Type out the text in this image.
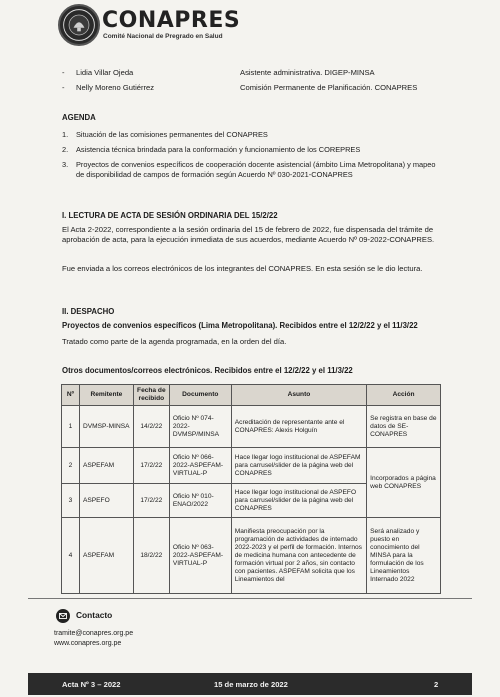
CONAPRES
Comité Nacional de Pregrado en Salud
- Lidia Villar Ojeda	Asistente administrativa. DIGEP-MINSA
- Nelly Moreno Gutiérrez	Comisión Permanente de Planificación. CONAPRES
AGENDA
1. Situación de las comisiones permanentes del CONAPRES
2. Asistencia técnica brindada para la conformación y funcionamiento de los COREPRES
3. Proyectos de convenios específicos de cooperación docente asistencial (ámbito Lima Metropolitana) y mapeo de disponibilidad de campos de formación según Acuerdo Nº 030-2021-CONAPRES
I. LECTURA DE ACTA DE SESIÓN ORDINARIA DEL 15/2/22
El Acta 2-2022, correspondiente a la sesión ordinaria del 15 de febrero de 2022, fue dispensada del trámite de aprobación de acta, para la ejecución inmediata de sus acuerdos, mediante Acuerdo Nº 09-2022-CONAPRES.
Fue enviada a los correos electrónicos de los integrantes del CONAPRES. En esta sesión se le dio lectura.
II. DESPACHO
Proyectos de convenios específicos (Lima Metropolitana). Recibidos entre el 12/2/22 y el 11/3/22
Tratado como parte de la agenda programada, en la orden del día.
Otros documentos/correos electrónicos. Recibidos entre el 12/2/22 y el 11/3/22
Nº	Remitente	Fecha de recibido	Documento	Asunto	Acción
1	DVMSP-MINSA	14/2/22	Oficio Nº 074-2022-DVMSP/MINSA	Acreditación de representante ante el CONAPRES: Alexis Holguín	Se registra en base de datos de SE-CONAPRES
2	ASPEFAM	17/2/22	Oficio Nº 066-2022-ASPEFAM-VIRTUAL-P	Hace llegar logo institucional de ASPEFAM para carrusel/slider de la página web del CONAPRES	Incorporados a página web CONAPRES
3	ASPEFO	17/2/22	Oficio Nº 010-ENAO/2022	Hace llegar logo institucional de ASPEFO para carrusel/slider de la página web del CONAPRES	
4	ASPEFAM	18/2/22	Oficio Nº 063-2022-ASPEFAM-VIRTUAL-P	Manifiesta preocupación por la programación de actividades de internado 2022-2023 y el perfil de formación. Internos de medicina humana con antecedente de formación virtual por 2 años, sin contacto con pacientes. ASPEFAM solicita que los Lineamientos del	Será analizado y puesto en conocimiento del MINSA para la formulación de los Lineamientos Internado 2022
Contacto
tramite@conapres.org.pe
www.conapres.org.pe
Acta Nº 3 – 2022	15 de marzo de 2022	2
